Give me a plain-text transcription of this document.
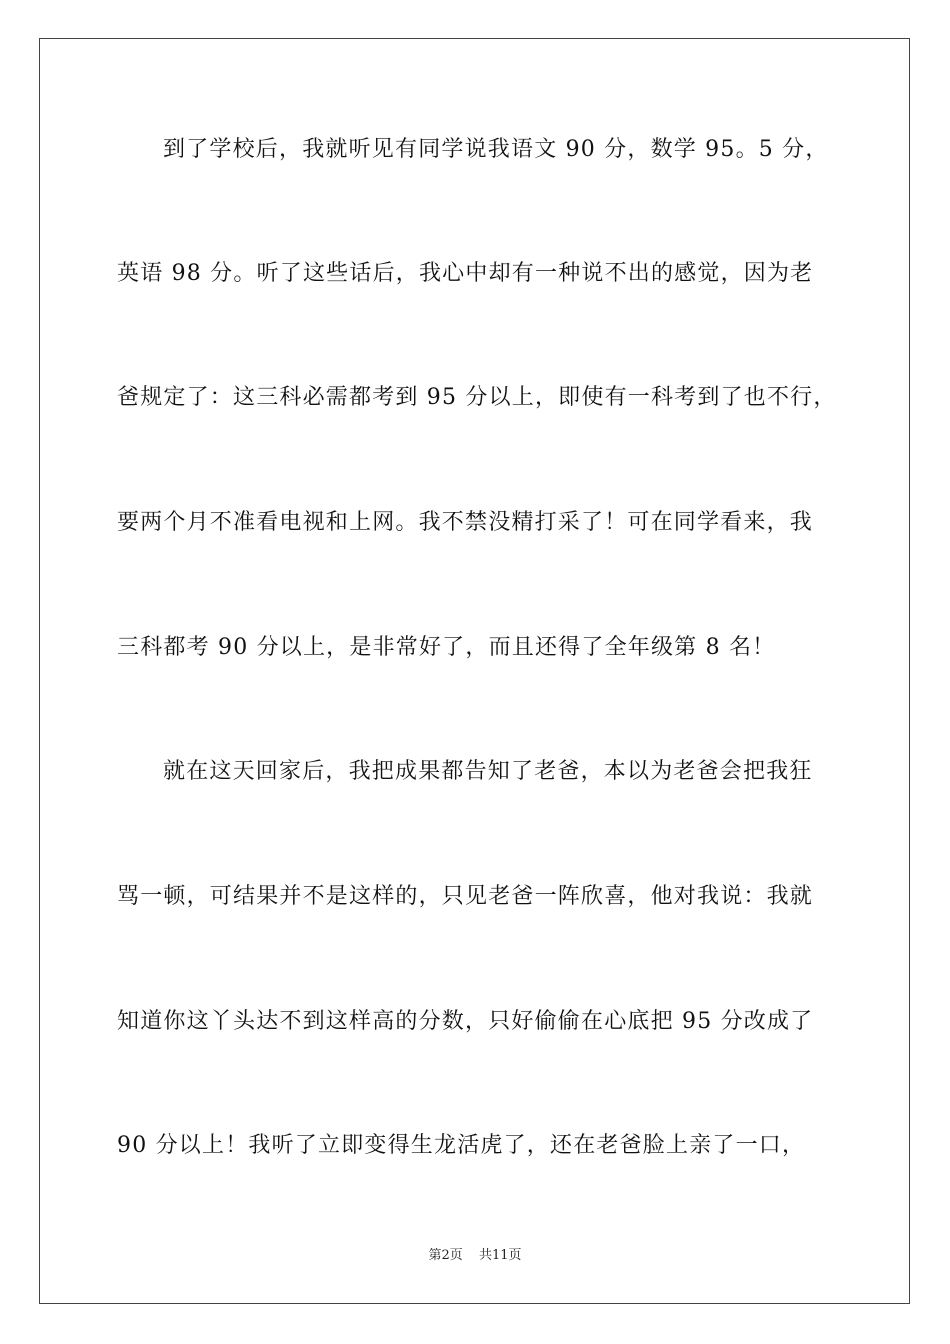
到了学校后，我就听见有同学说我语文 90 分，数学 95。5 分，
英语 98 分。听了这些话后，我心中却有一种说不出的感觉，因为老
爸规定了：这三科必需都考到 95 分以上，即使有一科考到了也不行，
要两个月不准看电视和上网。我不禁没精打采了！可在同学看来，我
三科都考 90 分以上，是非常好了，而且还得了全年级第 8 名！
就在这天回家后，我把成果都告知了老爸，本以为老爸会把我狂
骂一顿，可结果并不是这样的，只见老爸一阵欣喜，他对我说：我就
知道你这丫头达不到这样高的分数，只好偷偷在心底把 95 分改成了
90 分以上！我听了立即变得生龙活虎了，还在老爸脸上亲了一口，
第2页 共11页
